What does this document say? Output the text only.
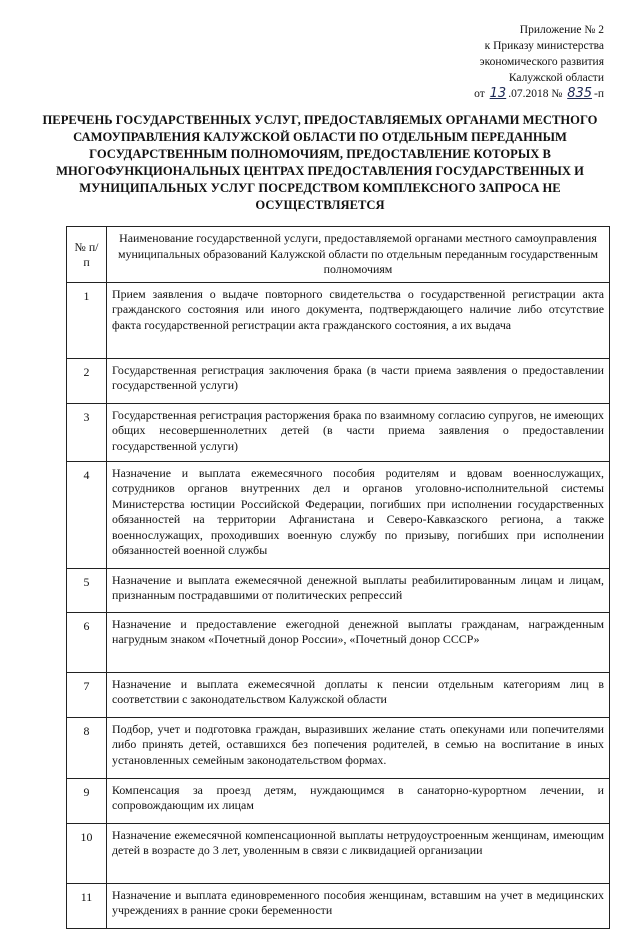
Приложение № 2
к Приказу министерства
экономического развития
Калужской области
от 13 .07.2018 № 835 -п
ПЕРЕЧЕНЬ ГОСУДАРСТВЕННЫХ УСЛУГ, ПРЕДОСТАВЛЯЕМЫХ ОРГАНАМИ МЕСТНОГО САМОУПРАВЛЕНИЯ КАЛУЖСКОЙ ОБЛАСТИ ПО ОТДЕЛЬНЫМ ПЕРЕДАННЫМ ГОСУДАРСТВЕННЫМ ПОЛНОМОЧИЯМ, ПРЕДОСТАВЛЕНИЕ КОТОРЫХ В МНОГОФУНКЦИОНАЛЬНЫХ ЦЕНТРАХ ПРЕДОСТАВЛЕНИЯ ГОСУДАРСТВЕННЫХ И МУНИЦИПАЛЬНЫХ УСЛУГ ПОСРЕДСТВОМ КОМПЛЕКСНОГО ЗАПРОСА НЕ ОСУЩЕСТВЛЯЕТСЯ
№ п/п	Наименование государственной услуги, предоставляемой органами местного самоуправления муниципальных образований Калужской области по отдельным переданным государственным полномочиям
1	Прием заявления о выдаче повторного свидетельства о государственной регистрации акта гражданского состояния или иного документа, подтверждающего наличие либо отсутствие факта государственной регистрации акта гражданского состояния, а их выдача
2	Государственная регистрация заключения брака (в части приема заявления о предоставлении государственной услуги)
3	Государственная регистрация расторжения брака по взаимному согласию супругов, не имеющих общих несовершеннолетних детей (в части приема заявления о предоставлении государственной услуги)
4	Назначение и выплата ежемесячного пособия родителям и вдовам военнослужащих, сотрудников органов внутренних дел и органов уголовно-исполнительной системы Министерства юстиции Российской Федерации, погибших при исполнении государственных обязанностей на территории Афганистана и Северо-Кавказского региона, а также военнослужащих, проходивших военную службу по призыву, погибших при исполнении обязанностей военной службы
5	Назначение и выплата ежемесячной денежной выплаты реабилитированным лицам и лицам, признанным пострадавшими от политических репрессий
6	Назначение и предоставление ежегодной денежной выплаты гражданам, награжденным нагрудным знаком «Почетный донор России», «Почетный донор СССР»
7	Назначение и выплата ежемесячной доплаты к пенсии отдельным категориям лиц в соответствии с законодательством Калужской области
8	Подбор, учет и подготовка граждан, выразивших желание стать опекунами или попечителями либо принять детей, оставшихся без попечения родителей, в семью на воспитание в иных установленных семейным законодательством формах.
9	Компенсация за проезд детям, нуждающимся в санаторно-курортном лечении, и сопровождающим их лицам
10	Назначение ежемесячной компенсационной выплаты нетрудоустроенным женщинам, имеющим детей в возрасте до 3 лет, уволенным в связи с ликвидацией организации
11	Назначение и выплата единовременного пособия женщинам, вставшим на учет в медицинских учреждениях в ранние сроки беременности
